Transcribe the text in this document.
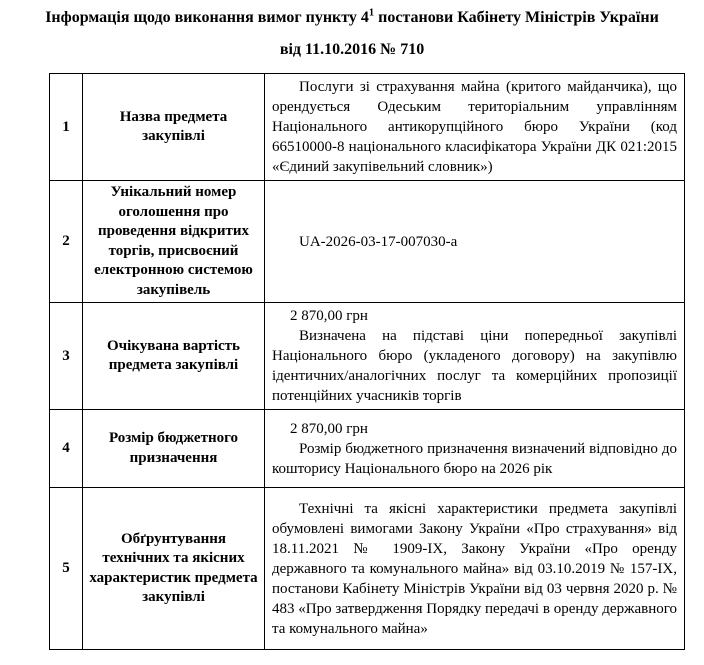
Інформація щодо виконання вимог пункту $4^1$ постанови Кабінету Міністрів України

від 11.10.2016 № 710

1	Назва предмета закупівлі	Послуги зі страхування майна (критого майданчика), що орендується Одеським територіальним управлінням Національного антикорупційного бюро України (код 66510000-8 національного класифікатора України ДК 021:2015 «Єдиний закупівельний словник»)

2	Унікальний номер оголошення про проведення відкритих торгів, присвоєний електронною системою закупівель	UA-2026-03-17-007030-a

3	Очікувана вартість предмета закупівлі	2 870,00 грн

Визначена на підставі ціни попередньої закупівлі Національного бюро (укладеного договору) на закупівлю ідентичних/аналогічних послуг та комерційних пропозиції потенційних учасників торгів

4	Розмір бюджетного призначення	2 870,00 грн

Розмір бюджетного призначення визначений відповідно до кошторису Національного бюро на 2026 рік

5	Обґрунтування технічних та якісних характеристик предмета закупівлі	Технічні та якісні характеристики предмета закупівлі обумовлені вимогами Закону України «Про страхування» від 18.11.2021 № 1909-IX, Закону України «Про оренду державного та комунального майна» від 03.10.2019 № 157-IX, постанови Кабінету Міністрів України від 03 червня 2020 р. № 483 «Про затвердження Порядку передачі в оренду державного та комунального майна»
